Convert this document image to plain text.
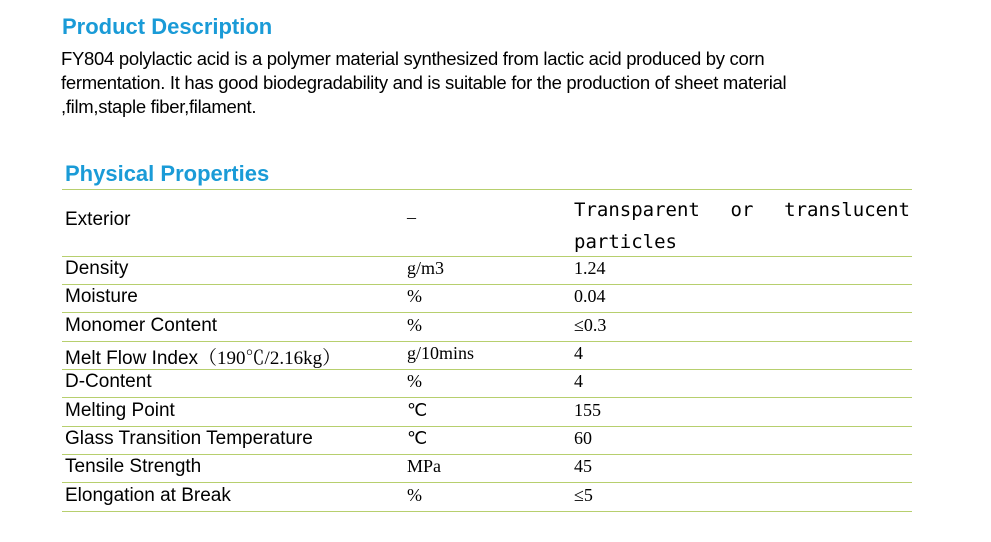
Product Description

FY804 polylactic acid is a polymer material synthesized from lactic acid produced by corn fermentation. It has good biodegradability and is suitable for the production of sheet material ,film,staple fiber,filament.

Physical Properties
Exterior	–	Transparent or translucent
particles
Density	g/m3	1.24
Moisture	%	0.04
Monomer Content	%	≤0.3
Melt Flow Index（190℃/2.16kg）	g/10mins	4
D-Content	%	4
Melting Point	℃	155
Glass Transition Temperature	℃	60
Tensile Strength	MPa	45
Elongation at Break	%	≤5
